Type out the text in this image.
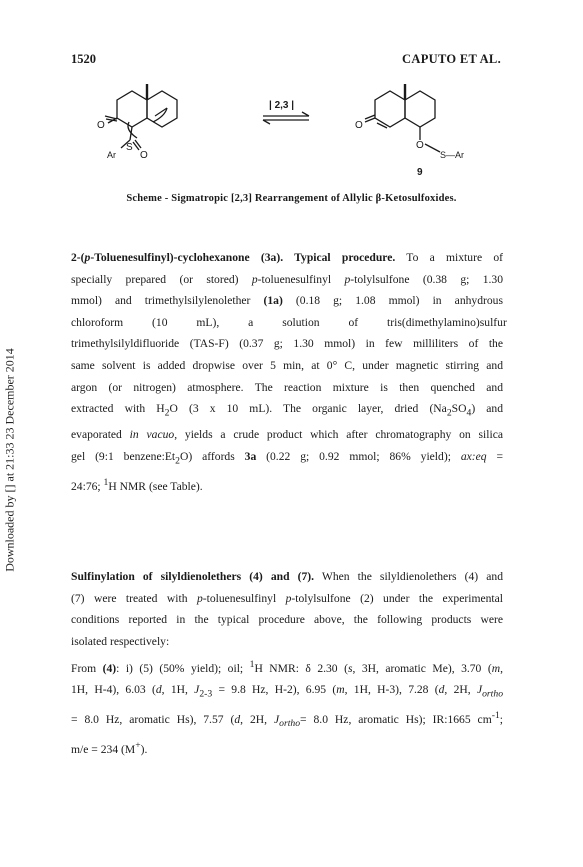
Downloaded by [] at 21:33 23 December 2014
1520	CAPUTO ET AL.
O
Ar
S
O
| 2,3 |
O
O
S—Ar
9
Scheme - Sigmatropic [2,3] Rearrangement of Allylic β-Ketosulfoxides.
2-(p-Toluenesulfinyl)-cyclohexanone (3a). Typical procedure. To a mixture of
specially prepared (or stored) p-toluenesulfinyl p-tolylsulfone (0.38 g; 1.30
mmol) and trimethylsilylenolether (1a) (0.18 g; 1.08 mmol) in anhydrous
chloroform (10 mL), a solution of tris(dimethylamino)sulfur
trimethylsilyldifluoride (TAS-F) (0.37 g; 1.30 mmol) in few milliliters of the
same solvent is added dropwise over 5 min, at 0° C, under magnetic stirring and
argon (or nitrogen) atmosphere. The reaction mixture is then quenched and
extracted with $H_2O$ (3 x 10 mL). The organic layer, dried $(Na_2SO_4)$ and
evaporated in vacuo, yields a crude product which after chromatography on silica
gel (9:1 $benzene:Et_2O$) affords 3a (0.22 g; 0.92 mmol; 86% yield); ax:eq =
24:76; $^1$H NMR (see Table).
Sulfinylation of silyldienolethers (4) and (7). When the silyldienolethers (4) and
(7) were treated with p-toluenesulfinyl p-tolylsulfone (2) under the experimental
conditions reported in the typical procedure above, the following products were
isolated respectively:
From (4): i) (5) (50% yield); oil; $^1$H NMR: δ 2.30 (s, 3H, aromatic Me), 3.70 (m,
1H, H-4), 6.03 (d, 1H, $J_{2-3} = 9.8$ Hz, H-2), 6.95 (m, 1H, H-3), 7.28 (d, 2H, $J_{ortho}$
= 8.0 Hz, aromatic Hs), 7.57 (d, 2H, $J_{ortho}= 8.0$ Hz, aromatic Hs); IR:1665 $cm^{-1}$;
m/e = 234 (M+).
